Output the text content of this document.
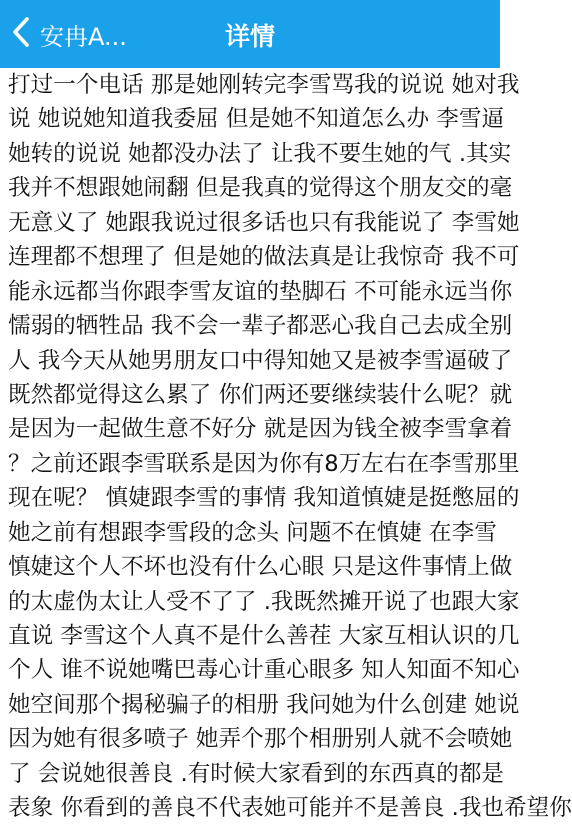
安冉A...	详情
打过一个电话 那是她刚转完李雪骂我的说说 她对我
说 她说她知道我委屈 但是她不知道怎么办 李雪逼
她转的说说 她都没办法了 让我不要生她的气 .其实
我并不想跟她闹翻 但是我真的觉得这个朋友交的毫
无意义了 她跟我说过很多话也只有我能说了 李雪她
连理都不想理了 但是她的做法真是让我惊奇 我不可
能永远都当你跟李雪友谊的垫脚石 不可能永远当你
懦弱的牺牲品 我不会一辈子都恶心我自己去成全别
人 我今天从她男朋友口中得知她又是被李雪逼破了
既然都觉得这么累了 你们两还要继续装什么呢？就
是因为一起做生意不好分 就是因为钱全被李雪拿着
？之前还跟李雪联系是因为你有8万左右在李雪那里
现在呢？ 慎婕跟李雪的事情 我知道慎婕是挺憋屈的
她之前有想跟李雪段的念头 问题不在慎婕 在李雪
慎婕这个人不坏也没有什么心眼 只是这件事情上做
的太虚伪太让人受不了了 .我既然摊开说了也跟大家
直说 李雪这个人真不是什么善茬 大家互相认识的几
个人 谁不说她嘴巴毒心计重心眼多 知人知面不知心
她空间那个揭秘骗子的相册 我问她为什么创建 她说
因为她有很多喷子 她弄个那个相册别人就不会喷她
了 会说她很善良 .有时候大家看到的东西真的都是
表象 你看到的善良不代表她可能并不是善良 .我也希望你
